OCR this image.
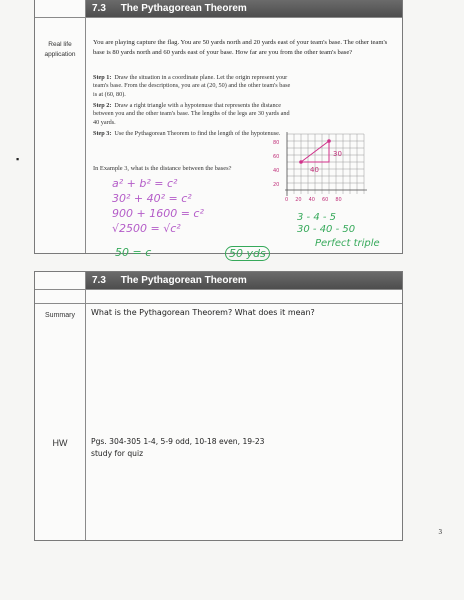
▪
7.3 The Pythagorean Theorem
Real life application
You are playing capture the flag. You are 50 yards north and 20 yards east of your team's base. The other team's base is 80 yards north and 60 yards east of your base. How far are you from the other team's base?
Step 1: Draw the situation in a coordinate plane. Let the origin represent your team's base. From the descriptions, you are at (20, 50) and the other team's base is at (60, 80).
Step 2: Draw a right triangle with a hypotenuse that represents the distance between you and the other team's base. The lengths of the legs are 30 yards and 40 yards.
Step 3: Use the Pythagorean Theorem to find the length of the hypotenuse.
In Example 3, what is the distance between the bases?
80
60
40
20
0 20 40 60 80
30
40
a² + b² = c²
30² + 40² = c²
900 + 1600 = c²
√2500 = √c²
50 = c	50 yds
3 - 4 - 5
30 - 40 - 50
Perfect triple
7.3 The Pythagorean Theorem
Summary	What is the Pythagorean Theorem? What does it mean?
HW	Pgs. 304-305 1-4, 5-9 odd, 10-18 even, 19-23
study for quiz
3
